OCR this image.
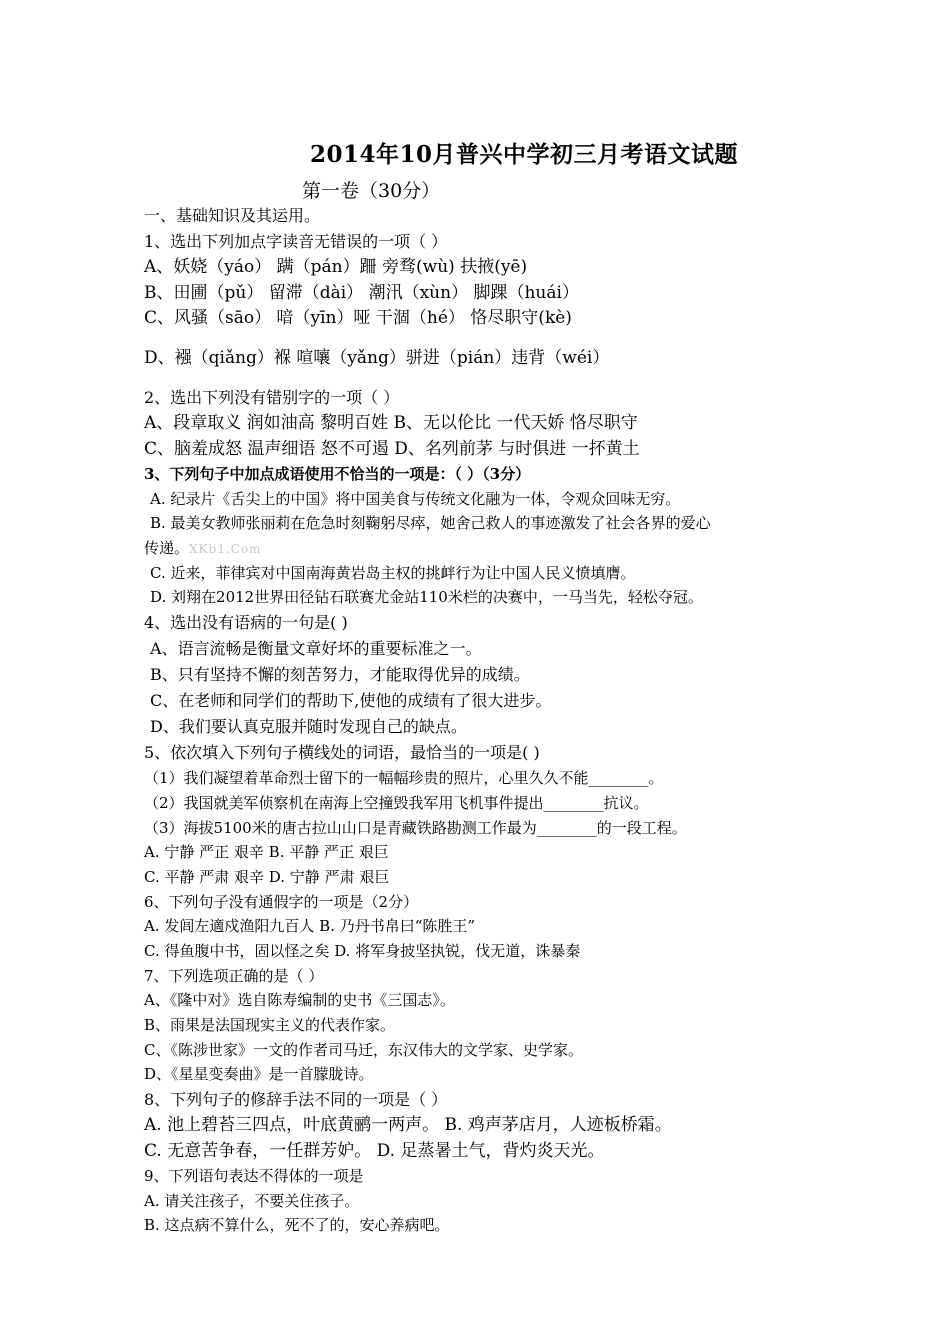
2014年10月普兴中学初三月考语文试题
第一卷（30分）
一、基础知识及其运用。
1、选出下列加点字读音无错误的一项（ ）
A、妖娆（yáo） 蹒（pán）跚 旁骛(wù) 扶掖(yē)
B、田圃（pǔ） 留滞（dài） 潮汛（xùn） 脚踝（huái）
C、风骚（sāo） 喑（yīn）哑 干涸（hé） 恪尽职守(kè)
D、襁（qiǎng）褓 喧嚷（yǎng）骈进（pián）违背（wéi）
2、选出下列没有错别字的一项（ ）
A、段章取义 润如油高 黎明百姓 B、无以伦比 一代天娇 恪尽职守
C、脑羞成怒 温声细语 怒不可遏 D、名列前茅 与时俱进 一抔黄土
3、下列句子中加点成语使用不恰当的一项是：（ ）（3分）
A. 纪录片《舌尖上的中国》将中国美食与传统文化融为一体，令观众回味无穷。
B. 最美女教师张丽莉在危急时刻鞠躬尽瘁，她舍己救人的事迹激发了社会各界的爱心
传递。XKb1.Com
C. 近来，菲律宾对中国南海黄岩岛主权的挑衅行为让中国人民义愤填膺。
D. 刘翔在2012世界田径钻石联赛尤金站110米栏的决赛中，一马当先，轻松夺冠。
4、选出没有语病的一句是( )
A、语言流畅是衡量文章好坏的重要标准之一。
B、只有坚持不懈的刻苦努力，才能取得优异的成绩。
C、在老师和同学们的帮助下,使他的成绩有了很大进步。
D、我们要认真克服并随时发现自己的缺点。
5、依次填入下列句子横线处的词语，最恰当的一项是( )
（1）我们凝望着革命烈士留下的一幅幅珍贵的照片，心里久久不能________。
（2）我国就美军侦察机在南海上空撞毁我军用飞机事件提出________抗议。
（3）海拔5100米的唐古拉山山口是青藏铁路勘测工作最为________的一段工程。
A. 宁静 严正 艰辛 B. 平静 严正 艰巨
C. 平静 严肃 艰辛 D. 宁静 严肃 艰巨
6、下列句子没有通假字的一项是（2分）
A. 发闾左適戍渔阳九百人 B. 乃丹书帛曰“陈胜王”
C. 得鱼腹中书，固以怪之矣 D. 将军身披坚执锐，伐无道，诛暴秦
7、下列选项正确的是（ ）
A、《隆中对》选自陈寿编制的史书《三国志》。
B、雨果是法国现实主义的代表作家。
C、《陈涉世家》一文的作者司马迁，东汉伟大的文学家、史学家。
D、《星星变奏曲》是一首朦胧诗。
8、下列句子的修辞手法不同的一项是（ ）
A. 池上碧苔三四点，叶底黄鹂一两声。 B. 鸡声茅店月，人迹板桥霜。
C. 无意苦争春，一任群芳妒。 D. 足蒸暑土气，背灼炎天光。
9、下列语句表达不得体的一项是
A. 请关注孩子，不要关住孩子。
B. 这点病不算什么，死不了的，安心养病吧。
